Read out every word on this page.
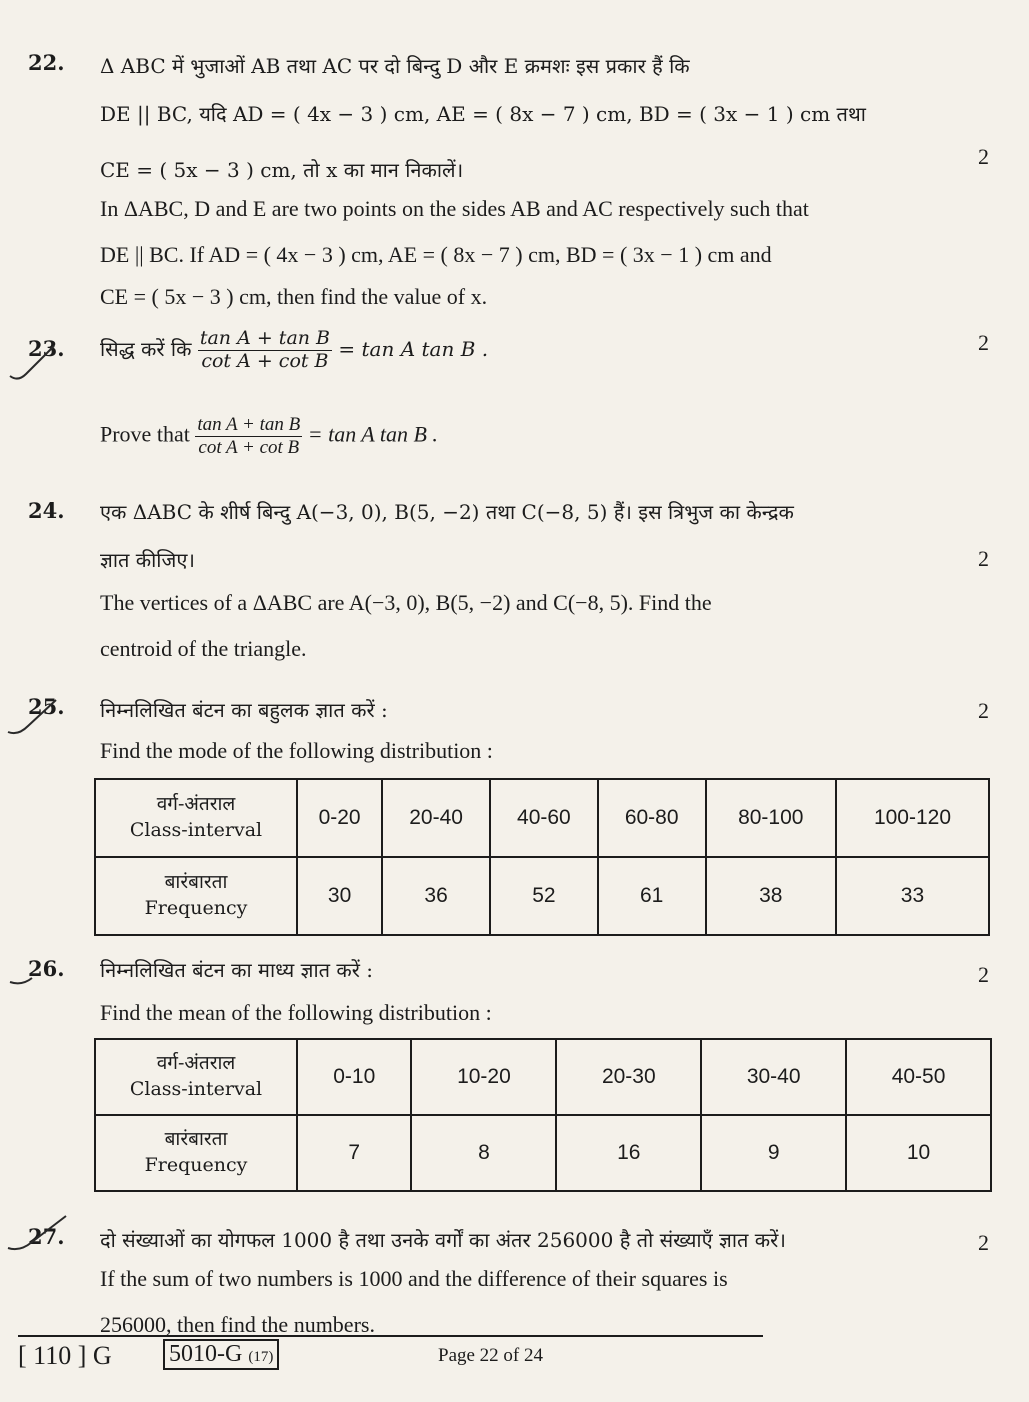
22. Δ ABC में भुजाओं AB तथा AC पर दो बिन्दु D और E क्रमशः इस प्रकार हैं कि
DE || BC, यदि AD = ( 4x − 3 ) cm, AE = ( 8x − 7 ) cm, BD = ( 3x − 1 ) cm तथा
CE = ( 5x − 3 ) cm, तो x का मान निकालें।
2
In ΔABC, D and E are two points on the sides AB and AC respectively such that
DE || BC. If AD = ( 4x − 3 ) cm, AE = ( 8x − 7 ) cm, BD = ( 3x − 1 ) cm and
CE = ( 5x − 3 ) cm, then find the value of x.
23. सिद्ध करें कि $\frac{\text{tan A + tan B}}{\text{cot A + cot B}} = \tan A$ tan B .	2
Prove that $\frac{\text{tan A + tan B}}{\text{cot A + cot B}} = \tan A$ tan B .
24. एक ΔABC के शीर्ष बिन्दु A(−3, 0), B(5, −2) तथा C(−8, 5) हैं। इस त्रिभुज का केन्द्रक
ज्ञात कीजिए।	2
The vertices of a ΔABC are A(−3, 0), B(5, −2) and C(−8, 5). Find the
centroid of the triangle.
25. निम्नलिखित बंटन का बहुलक ज्ञात करें :	2
Find the mode of the following distribution :
वर्ग-अंतराल
Class-interval	0-20	20-40	40-60	60-80	80-100	100-120
बारंबारता
Frequency	30	36	52	61	38	33
26. निम्नलिखित बंटन का माध्य ज्ञात करें :	2
Find the mean of the following distribution :
वर्ग-अंतराल
Class-interval	0-10	10-20	20-30	30-40	40-50
बारंबारता
Frequency	7	8	16	9	10
27. दो संख्याओं का योगफल 1000 है तथा उनके वर्गों का अंतर 256000 है तो संख्याएँ ज्ञात करें।	2
If the sum of two numbers is 1000 and the difference of their squares is
256000, then find the numbers.
[ 110 ] G 5010-G (17)	Page 22 of 24
